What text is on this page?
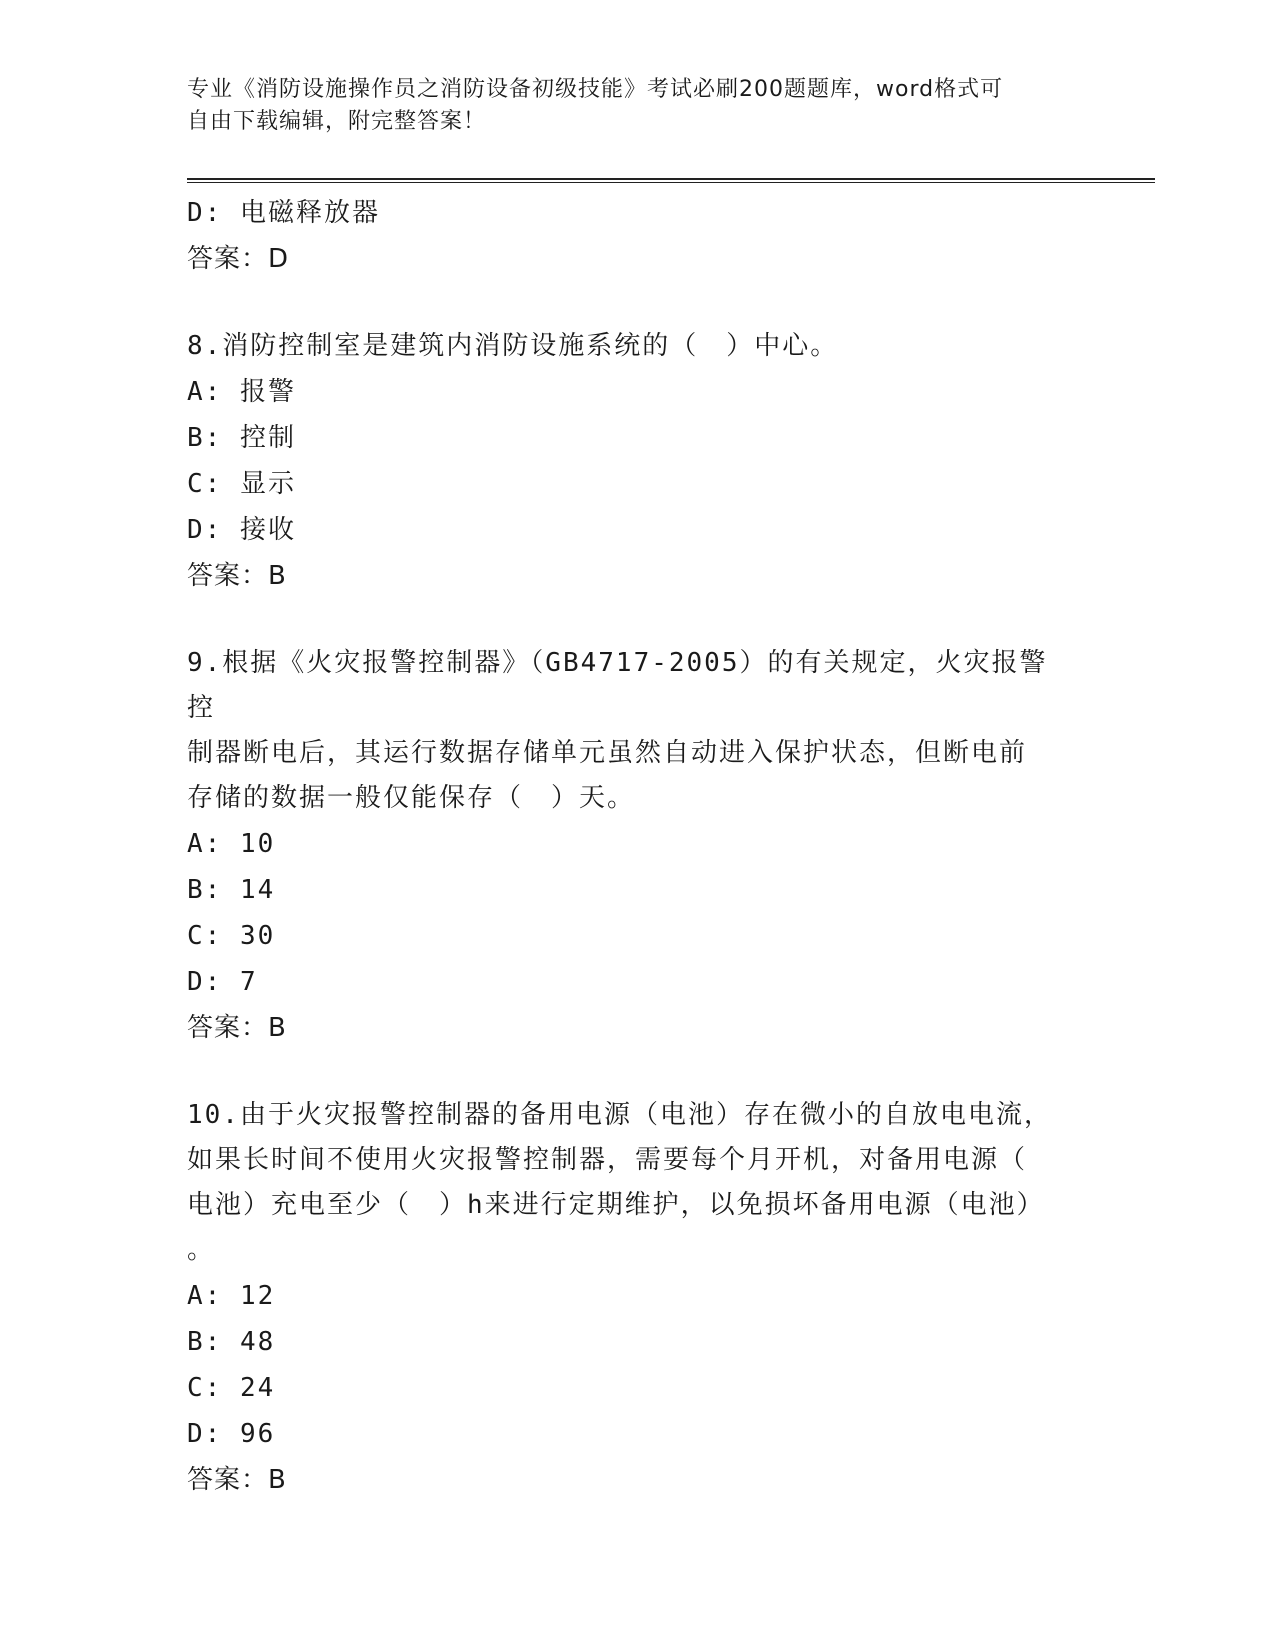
专业《消防设施操作员之消防设备初级技能》考试必刷200题题库，word格式可
自由下载编辑，附完整答案！
D: 电磁释放器
答案：D
8.消防控制室是建筑内消防设施系统的（　）中心。
A: 报警
B: 控制
C: 显示
D: 接收
答案：B
9.根据《火灾报警控制器》（GB4717-2005）的有关规定，火灾报警控
制器断电后，其运行数据存储单元虽然自动进入保护状态，但断电前
存储的数据一般仅能保存（　）天。
A: 10
B: 14
C: 30
D: 7
答案：B
10.由于火灾报警控制器的备用电源（电池）存在微小的自放电电流，
如果长时间不使用火灾报警控制器，需要每个月开机，对备用电源（
电池）充电至少（　）h来进行定期维护，以免损坏备用电源（电池）
。
A: 12
B: 48
C: 24
D: 96
答案：B
